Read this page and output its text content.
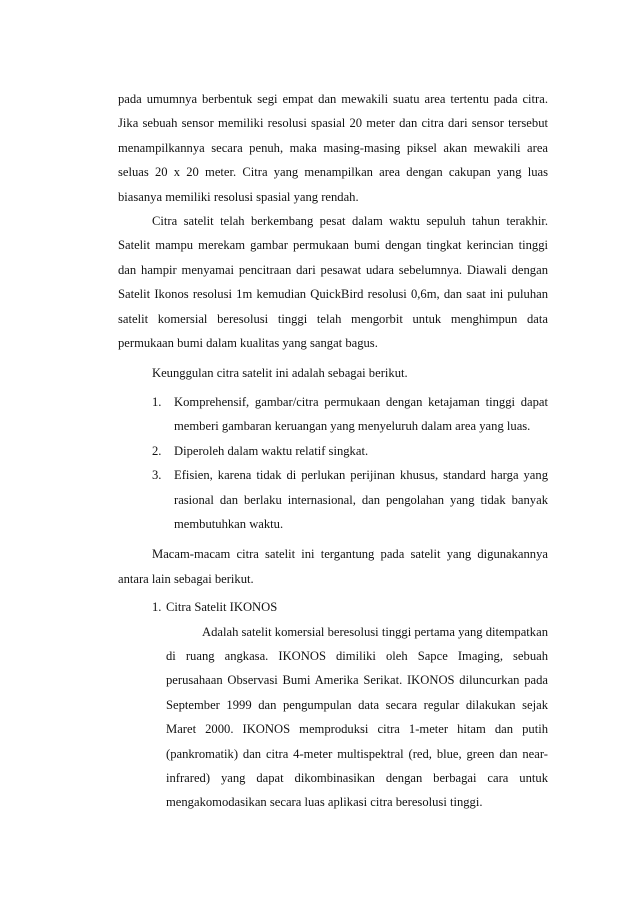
pada umumnya berbentuk segi empat dan mewakili suatu area tertentu pada citra. Jika sebuah sensor memiliki resolusi spasial 20 meter dan citra dari sensor tersebut menampilkannya secara penuh, maka masing-masing piksel akan mewakili area seluas 20 x 20 meter. Citra yang menampilkan area dengan cakupan yang luas biasanya memiliki resolusi spasial yang rendah.

Citra satelit telah berkembang pesat dalam waktu sepuluh tahun terakhir. Satelit mampu merekam gambar permukaan bumi dengan tingkat kerincian tinggi dan hampir menyamai pencitraan dari pesawat udara sebelumnya. Diawali dengan Satelit Ikonos resolusi 1m kemudian QuickBird resolusi 0,6m, dan saat ini puluhan satelit komersial beresolusi tinggi telah mengorbit untuk menghimpun data permukaan bumi dalam kualitas yang sangat bagus.

Keunggulan citra satelit ini adalah sebagai berikut.

1. Komprehensif, gambar/citra permukaan dengan ketajaman tinggi dapat memberi gambaran keruangan yang menyeluruh dalam area yang luas.
2. Diperoleh dalam waktu relatif singkat.
3. Efisien, karena tidak di perlukan perijinan khusus, standard harga yang rasional dan berlaku internasional, dan pengolahan yang tidak banyak membutuhkan waktu.

Macam-macam citra satelit ini tergantung pada satelit yang digunakannya antara lain sebagai berikut.

1. Citra Satelit IKONOS

Adalah satelit komersial beresolusi tinggi pertama yang ditempatkan di ruang angkasa. IKONOS dimiliki oleh Sapce Imaging, sebuah perusahaan Observasi Bumi Amerika Serikat. IKONOS diluncurkan pada September 1999 dan pengumpulan data secara regular dilakukan sejak Maret 2000. IKONOS memproduksi citra 1-meter hitam dan putih (pankromatik) dan citra 4-meter multispektral (red, blue, green dan near-infrared) yang dapat dikombinasikan dengan berbagai cara untuk mengakomodasikan secara luas aplikasi citra beresolusi tinggi.
